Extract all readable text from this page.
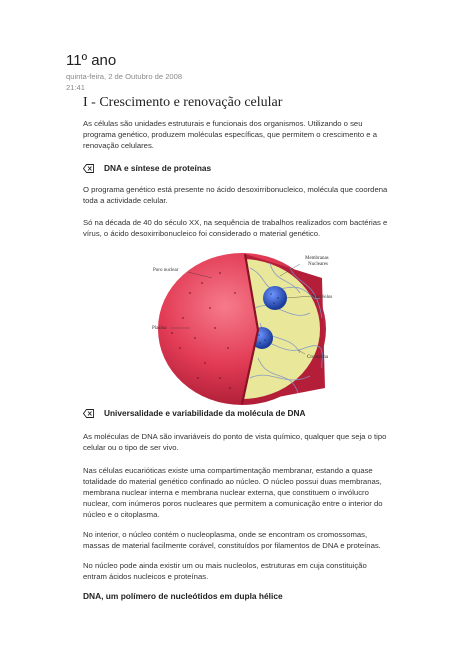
11º ano
quinta-feira, 2 de Outubro de 2008
21:41
I - Crescimento e renovação celular

As células são unidades estruturais e funcionais dos organismos. Utilizando o seu
programa genético, produzem moléculas específicas, que permitem o crescimento e a
renovação celulares.

DNA e síntese de proteínas

O programa genético está presente no ácido desoxirribonucleico, molécula que coordena
toda a actividade celular.

Só na década de 40 do século XX, na sequência de trabalhos realizados com bactérias e
vírus, o ácido desoxirribonucleico foi considerado o material genético.

Membranas
Nucleares
Poro nuclear
Nucléolos
Plasma
Cromatina
Universalidade e variabilidade da molécula de DNA

As moléculas de DNA são invariáveis do ponto de vista químico, qualquer que seja o tipo
celular ou o tipo de ser vivo.

Nas células eucarióticas existe uma compartimentação membranar, estando a quase
totalidade do material genético confinado ao núcleo. O núcleo possui duas membranas,
membrana nuclear interna e membrana nuclear externa, que constituem o invólucro
nuclear, com inúmeros poros nucleares que permitem a comunicação entre o interior do
núcleo e o citoplasma.

No interior, o núcleo contém o nucleoplasma, onde se encontram os cromossomas,
massas de material facilmente corável, constituídos por filamentos de DNA e proteínas.

No núcleo pode ainda existir um ou mais nucleolos, estruturas em cuja constituição
entram ácidos nucleicos e proteínas.

DNA, um polímero de nucleótidos em dupla hélice
